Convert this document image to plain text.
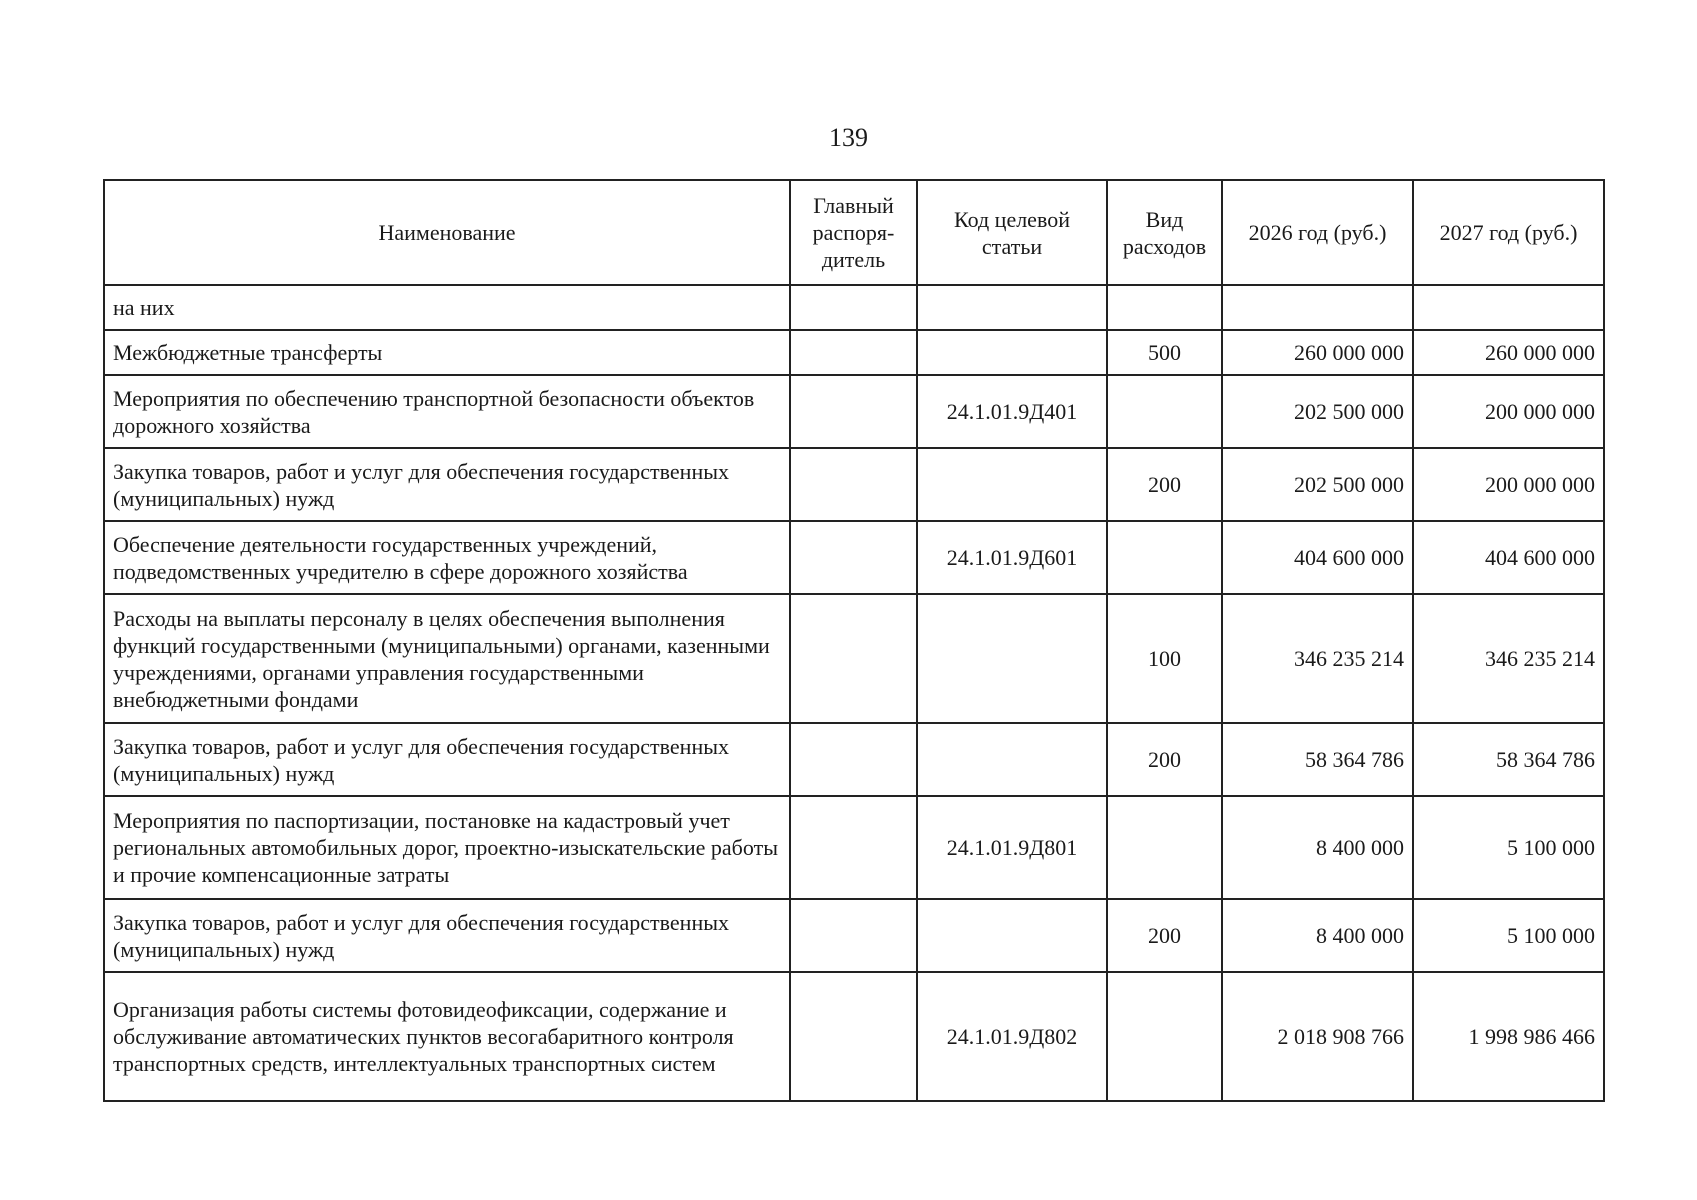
139
Наименование	Главный распоря-дитель	Код целевой статьи	Вид расходов	2026 год (руб.)	2027 год (руб.)
на них					
Межбюджетные трансферты			500	260 000 000	260 000 000
Мероприятия по обеспечению транспортной безопасности объектов дорожного хозяйства		24.1.01.9Д401		202 500 000	200 000 000
Закупка товаров, работ и услуг для обеспечения государственных (муниципальных) нужд			200	202 500 000	200 000 000
Обеспечение деятельности государственных учреждений, подведомственных учредителю в сфере дорожного хозяйства		24.1.01.9Д601		404 600 000	404 600 000
Расходы на выплаты персоналу в целях обеспечения выполнения функций государственными (муниципальными) органами, казенными учреждениями, органами управления государственными внебюджетными фондами			100	346 235 214	346 235 214
Закупка товаров, работ и услуг для обеспечения государственных (муниципальных) нужд			200	58 364 786	58 364 786
Мероприятия по паспортизации, постановке на кадастровый учет региональных автомобильных дорог, проектно-изыскательские работы и прочие компенсационные затраты		24.1.01.9Д801		8 400 000	5 100 000
Закупка товаров, работ и услуг для обеспечения государственных (муниципальных) нужд			200	8 400 000	5 100 000
Организация работы системы фотовидеофиксации, содержание и обслуживание автоматических пунктов весогабаритного контроля транспортных средств, интеллектуальных транспортных систем		24.1.01.9Д802		2 018 908 766	1 998 986 466
